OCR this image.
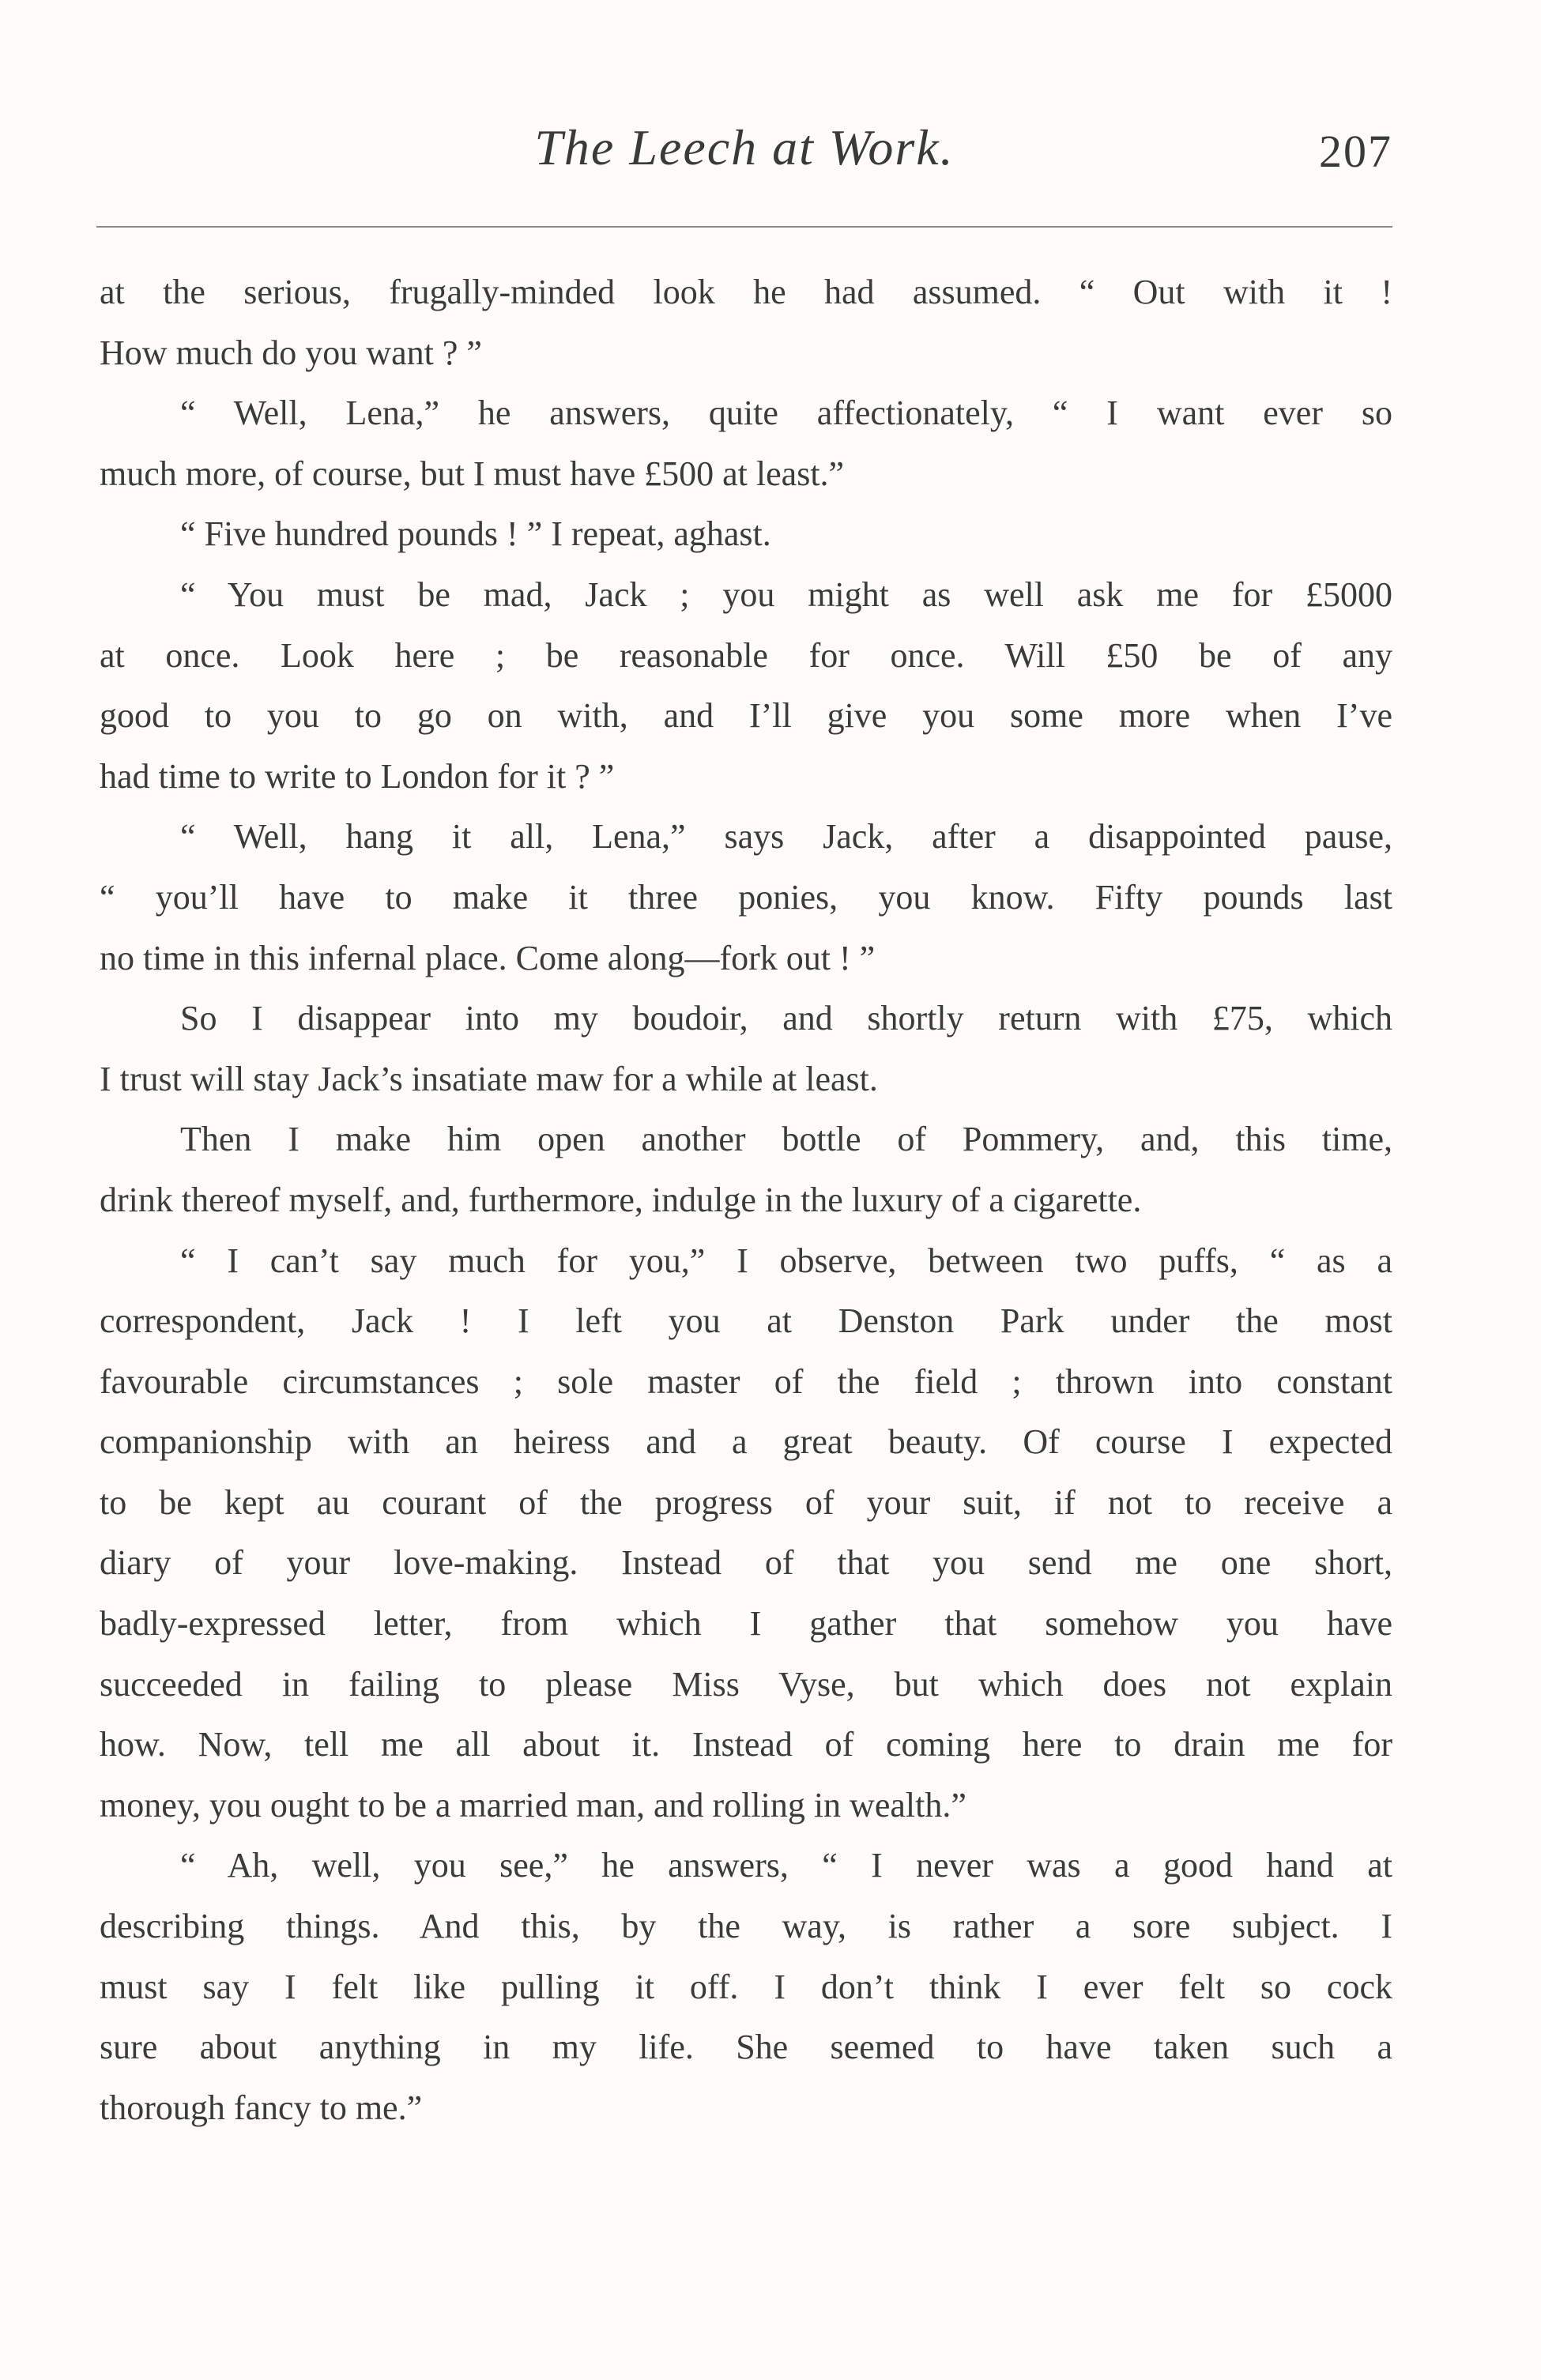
The Leech at Work.	207
at the serious, frugally-minded look he had assumed. “ Out with it !
How much do you want ? ”
“ Well, Lena,” he answers, quite affectionately, “ I want ever so
much more, of course, but I must have £500 at least.”
“ Five hundred pounds ! ” I repeat, aghast.
“ You must be mad, Jack ; you might as well ask me for £5000
at once. Look here ; be reasonable for once. Will £50 be of any
good to you to go on with, and I’ll give you some more when I’ve
had time to write to London for it ? ”
“ Well, hang it all, Lena,” says Jack, after a disappointed pause,
“ you’ll have to make it three ponies, you know. Fifty pounds last
no time in this infernal place. Come along—fork out ! ”
So I disappear into my boudoir, and shortly return with £75, which
I trust will stay Jack’s insatiate maw for a while at least.
Then I make him open another bottle of Pommery, and, this time,
drink thereof myself, and, furthermore, indulge in the luxury of a cigarette.
“ I can’t say much for you,” I observe, between two puffs, “ as a
correspondent, Jack ! I left you at Denston Park under the most
favourable circumstances ; sole master of the field ; thrown into constant
companionship with an heiress and a great beauty. Of course I expected
to be kept au courant of the progress of your suit, if not to receive a
diary of your love-making. Instead of that you send me one short,
badly-expressed letter, from which I gather that somehow you have
succeeded in failing to please Miss Vyse, but which does not explain
how. Now, tell me all about it. Instead of coming here to drain me for
money, you ought to be a married man, and rolling in wealth.”
“ Ah, well, you see,” he answers, “ I never was a good hand at
describing things. And this, by the way, is rather a sore subject. I
must say I felt like pulling it off. I don’t think I ever felt so cock
sure about anything in my life. She seemed to have taken such a
thorough fancy to me.”
